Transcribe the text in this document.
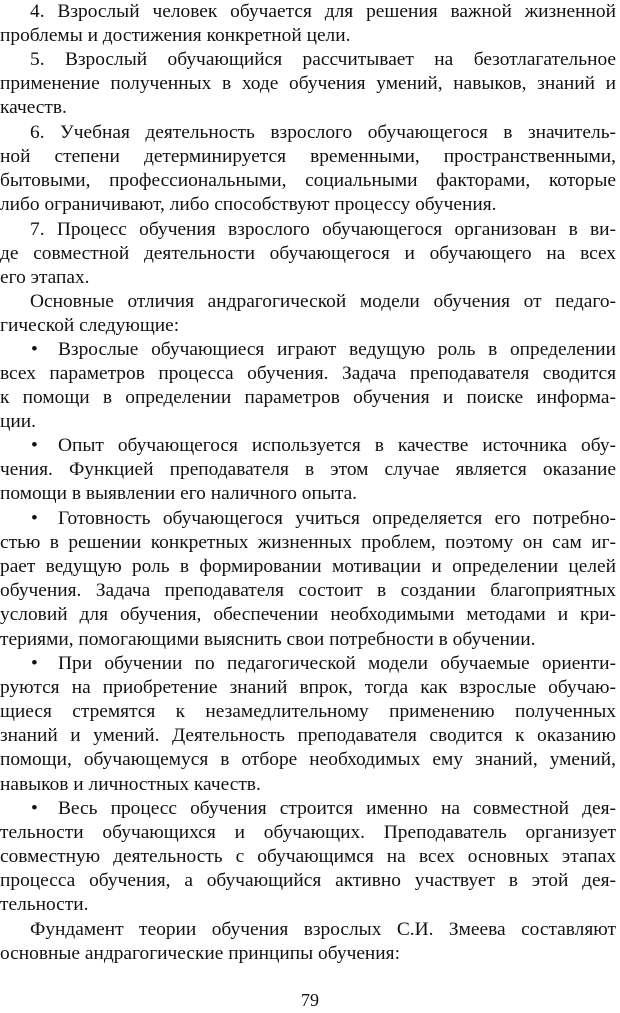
4. Взрослый человек обучается для решения важной жизненной
проблемы и достижения конкретной цели.
5. Взрослый обучающийся рассчитывает на безотлагательное
применение полученных в ходе обучения умений, навыков, знаний и
качеств.
6. Учебная деятельность взрослого обучающегося в значитель-
ной степени детерминируется временными, пространственными,
бытовыми, профессиональными, социальными факторами, которые
либо ограничивают, либо способствуют процессу обучения.
7. Процесс обучения взрослого обучающегося организован в ви-
де совместной деятельности обучающегося и обучающего на всех
его этапах.
Основные отличия андрагогической модели обучения от педаго-
гической следующие:
• Взрослые обучающиеся играют ведущую роль в определении
всех параметров процесса обучения. Задача преподавателя сводится
к помощи в определении параметров обучения и поиске информа-
ции.
• Опыт обучающегося используется в качестве источника обу-
чения. Функцией преподавателя в этом случае является оказание
помощи в выявлении его наличного опыта.
• Готовность обучающегося учиться определяется его потребно-
стью в решении конкретных жизненных проблем, поэтому он сам иг-
рает ведущую роль в формировании мотивации и определении целей
обучения. Задача преподавателя состоит в создании благоприятных
условий для обучения, обеспечении необходимыми методами и кри-
териями, помогающими выяснить свои потребности в обучении.
• При обучении по педагогической модели обучаемые ориенти-
руются на приобретение знаний впрок, тогда как взрослые обучаю-
щиеся стремятся к незамедлительному применению полученных
знаний и умений. Деятельность преподавателя сводится к оказанию
помощи, обучающемуся в отборе необходимых ему знаний, умений,
навыков и личностных качеств.
• Весь процесс обучения строится именно на совместной дея-
тельности обучающихся и обучающих. Преподаватель организует
совместную деятельность с обучающимся на всех основных этапах
процесса обучения, а обучающийся активно участвует в этой дея-
тельности.
Фундамент теории обучения взрослых С.И. Змеева составляют
основные андрагогические принципы обучения:
79
